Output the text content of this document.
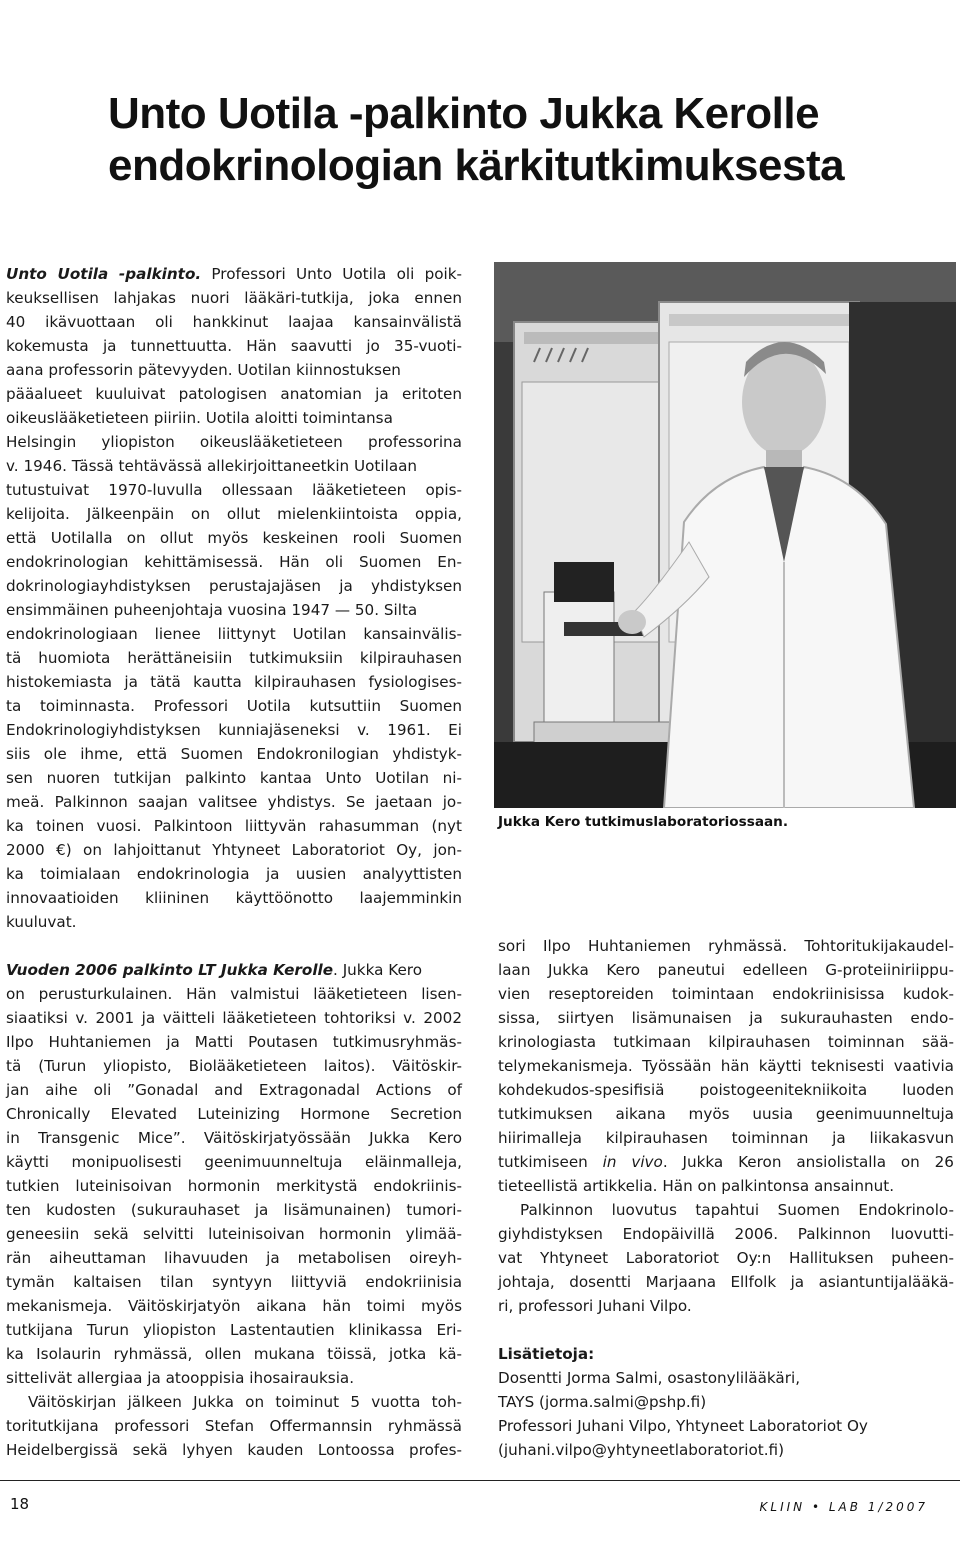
Unto Uotila -palkinto Jukka Kerolle
endokrinologian kärkitutkimuksesta
Unto Uotila -palkinto. Professori Unto Uotila oli poik-
keuksellisen lahjakas nuori lääkäri-tutkija, joka ennen
40 ikävuottaan oli hankkinut laajaa kansainvälistä
kokemusta ja tunnettuutta. Hän saavutti jo 35-vuoti-
aana professorin pätevyyden. Uotilan kiinnostuksen
pääalueet kuuluivat patologisen anatomian ja eritoten
oikeuslääketieteen piiriin. Uotila aloitti toimintansa
Helsingin yliopiston oikeuslääketieteen professorina
v. 1946. Tässä tehtävässä allekirjoittaneetkin Uotilaan
tutustuivat 1970-luvulla ollessaan lääketieteen opis-
kelijoita. Jälkeenpäin on ollut mielenkiintoista oppia,
että Uotilalla on ollut myös keskeinen rooli Suomen
endokrinologian kehittämisessä. Hän oli Suomen En-
dokrinologiayhdistyksen perustajajäsen ja yhdistyksen
ensimmäinen puheenjohtaja vuosina 1947 — 50. Silta
endokrinologiaan lienee liittynyt Uotilan kansainvälis-
tä huomiota herättäneisiin tutkimuksiin kilpirauhasen
histokemiasta ja tätä kautta kilpirauhasen fysiologises-
ta toiminnasta. Professori Uotila kutsuttiin Suomen
Endokrinologiyhdistyksen kunniajäseneksi v. 1961. Ei
siis ole ihme, että Suomen Endokronilogian yhdistyk-
sen nuoren tutkijan palkinto kantaa Unto Uotilan ni-
meä. Palkinnon saajan valitsee yhdistys. Se jaetaan jo-
ka toinen vuosi. Palkintoon liittyvän rahasumman (nyt
2000 €) on lahjoittanut Yhtyneet Laboratoriot Oy, jon-
ka toimialaan endokrinologia ja uusien analyyttisten
innovaatioiden kliininen käyttöönotto laajemminkin
kuuluvat.
Vuoden 2006 palkinto LT Jukka Kerolle. Jukka Kero
on perusturkulainen. Hän valmistui lääketieteen lisen-
siaatiksi v. 2001 ja väitteli lääketieteen tohtoriksi v. 2002
Ilpo Huhtaniemen ja Matti Poutasen tutkimusryhmäs-
tä (Turun yliopisto, Biolääketieteen laitos). Väitöskir-
jan aihe oli ”Gonadal and Extragonadal Actions of
Chronically Elevated Luteinizing Hormone Secretion
in Transgenic Mice”. Väitöskirjatyössään Jukka Kero
käytti monipuolisesti geenimuunneltuja eläinmalleja,
tutkien luteinisoivan hormonin merkitystä endokriinis-
ten kudosten (sukurauhaset ja lisämunainen) tumori-
geneesiin sekä selvitti luteinisoivan hormonin ylimää-
rän aiheuttaman lihavuuden ja metabolisen oireyh-
tymän kaltaisen tilan syntyyn liittyviä endokriinisia
mekanismeja. Väitöskirjatyön aikana hän toimi myös
tutkijana Turun yliopiston Lastentautien klinikassa Eri-
ka Isolaurin ryhmässä, ollen mukana töissä, jotka kä-
sittelivät allergiaa ja atooppisia ihosairauksia.
Väitöskirjan jälkeen Jukka on toiminut 5 vuotta toh-
toritutkijana professori Stefan Offermannsin ryhmässä
Heidelbergissä sekä lyhyen kauden Lontoossa profes-
Jukka Kero tutkimuslaboratoriossaan.
sori Ilpo Huhtaniemen ryhmässä. Tohtoritukijakaudel-
laan Jukka Kero paneutui edelleen G-proteiiniriippu-
vien reseptoreiden toimintaan endokriinisissa kudok-
sissa, siirtyen lisämunaisen ja sukurauhasten endo-
krinologiasta tutkimaan kilpirauhasen toiminnan sää-
telymekanismeja. Työssään hän käytti teknisesti vaativia
kohdekudos-spesifisiä poistogeenitekniikoita luoden
tutkimuksen aikana myös uusia geenimuunneltuja
hiirimalleja kilpirauhasen toiminnan ja liikakasvun
tutkimiseen in vivo. Jukka Keron ansiolistalla on 26
tieteellistä artikkelia. Hän on palkintonsa ansainnut.
Palkinnon luovutus tapahtui Suomen Endokrinolo-
giyhdistyksen Endopäivillä 2006. Palkinnon luovutti-
vat Yhtyneet Laboratoriot Oy:n Hallituksen puheen-
johtaja, dosentti Marjaana Ellfolk ja asiantuntijalääkä-
ri, professori Juhani Vilpo.
Lisätietoja:
Dosentti Jorma Salmi, osastonylilääkäri,
TAYS (jorma.salmi@pshp.fi)
Professori Juhani Vilpo, Yhtyneet Laboratoriot Oy
(juhani.vilpo@yhtyneetlaboratoriot.fi)
18	KLIIN • LAB 1/2007
